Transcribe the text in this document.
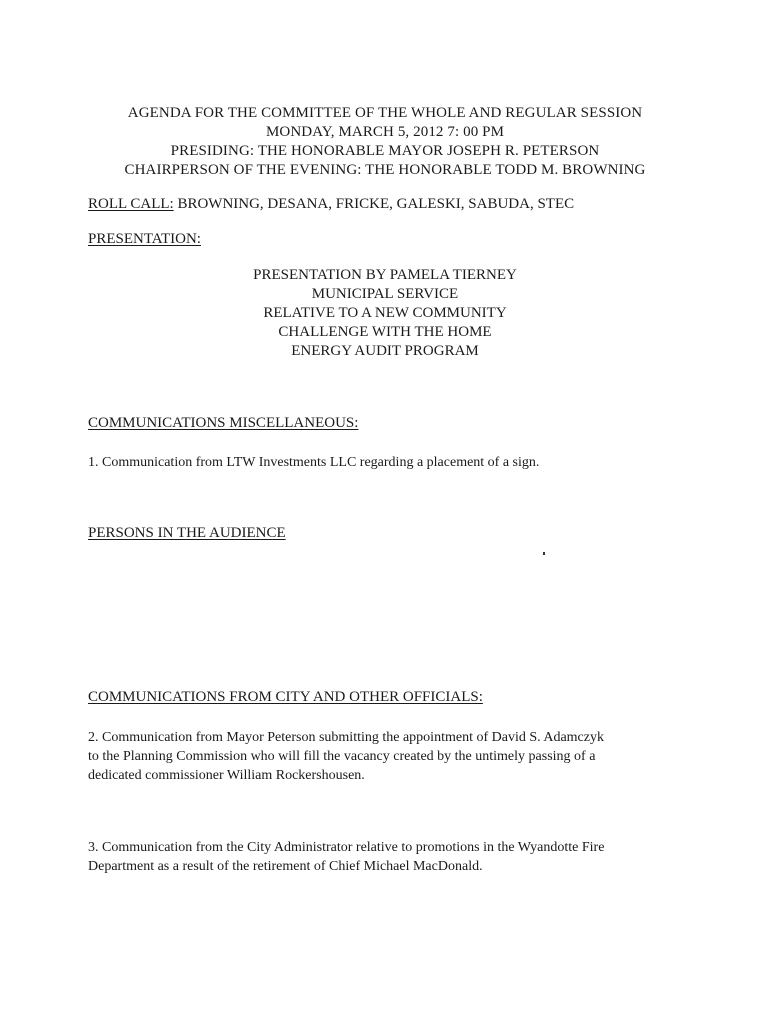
AGENDA FOR THE COMMITTEE OF THE WHOLE AND REGULAR SESSION
MONDAY, MARCH 5, 2012 7: 00 PM
PRESIDING: THE HONORABLE MAYOR JOSEPH R. PETERSON
CHAIRPERSON OF THE EVENING: THE HONORABLE TODD M. BROWNING
ROLL CALL: BROWNING, DESANA, FRICKE, GALESKI, SABUDA, STEC
PRESENTATION:
PRESENTATION BY PAMELA TIERNEY
MUNICIPAL SERVICE
RELATIVE TO A NEW COMMUNITY
CHALLENGE WITH THE HOME
ENERGY AUDIT PROGRAM
COMMUNICATIONS MISCELLANEOUS:
1. Communication from LTW Investments LLC regarding a placement of a sign.
PERSONS IN THE AUDIENCE
COMMUNICATIONS FROM CITY AND OTHER OFFICIALS:
2. Communication from Mayor Peterson submitting the appointment of David S. Adamczyk
to the Planning Commission who will fill the vacancy created by the untimely passing of a
dedicated commissioner William Rockershousen.
3. Communication from the City Administrator relative to promotions in the Wyandotte Fire
Department as a result of the retirement of Chief Michael MacDonald.
